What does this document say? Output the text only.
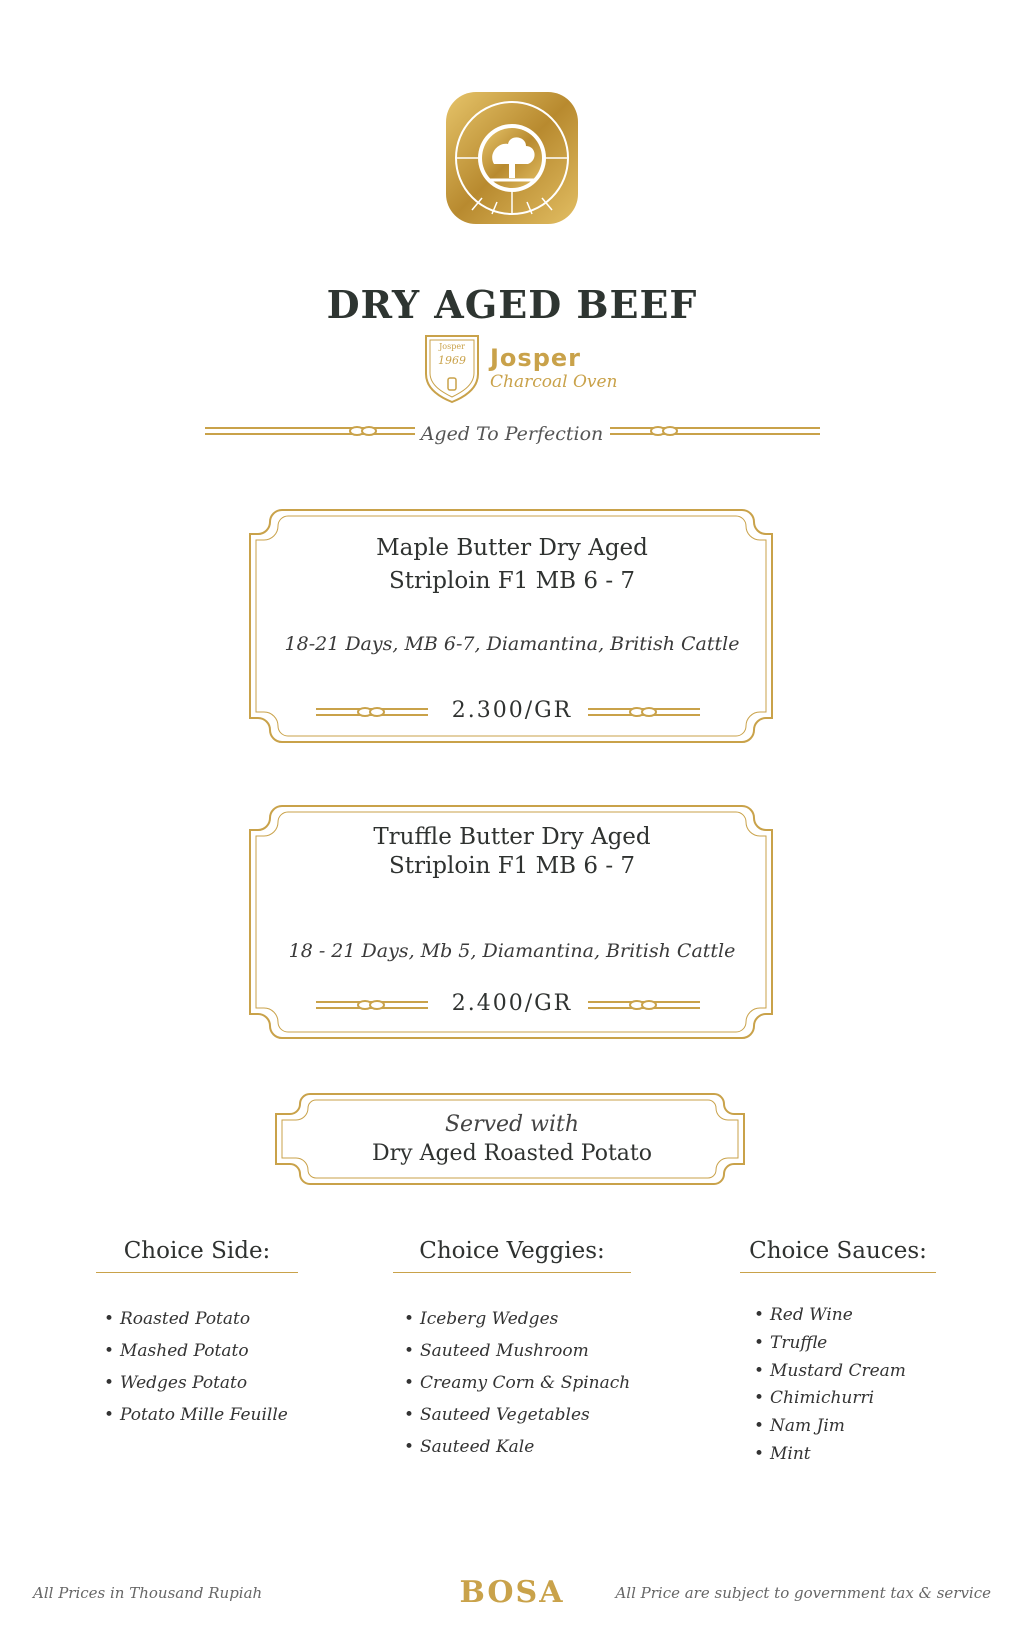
DRY AGED BEEF
Josper
1969	Josper
Charcoal Oven
Aged To Perfection
Maple Butter Dry Aged
Striploin F1 MB 6 - 7
18-21 Days, MB 6-7, Diamantina, British Cattle
2.300/GR
Truffle Butter Dry Aged
Striploin F1 MB 6 - 7
18 - 21 Days, Mb 5, Diamantina, British Cattle
2.400/GR
Served with
Dry Aged Roasted Potato
Choice Side:
• Roasted Potato
• Mashed Potato
• Wedges Potato
• Potato Mille Feuille
Choice Veggies:
• Iceberg Wedges
• Sauteed Mushroom
• Creamy Corn & Spinach
• Sauteed Vegetables
• Sauteed Kale
Choice Sauces:
• Red Wine
• Truffle
• Mustard Cream
• Chimichurri
• Nam Jim
• Mint
All Prices in Thousand Rupiah	BOSA	All Price are subject to government tax & service
